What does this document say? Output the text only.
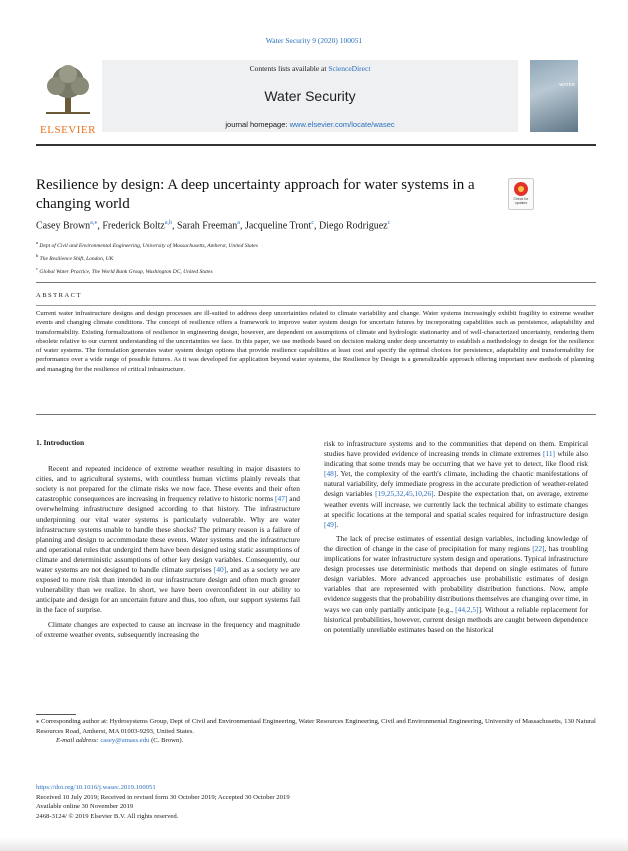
Water Security 9 (2020) 100051
ELSEVIER
Contents lists available at ScienceDirect
Water Security
journal homepage: www.elsevier.com/locate/wasec
WATER
Resilience by design: A deep uncertainty approach for water systems in a changing world	Check for updates
Casey Brown$^{a,⁎}$, Frederick Boltz$^{a,b}$, Sarah Freeman$^a$, Jacqueline Tront$^c$, Diego Rodriguez$^c$
$^a$ Dept of Civil and Environmental Engineering, University of Massachusetts, Amherst, United States
$^b$ The Resilience Shift, London, UK
$^c$ Global Water Practice, The World Bank Group, Washington DC, United States
ABSTRACT
Current water infrastructure designs and design processes are ill-suited to address deep uncertainties related to climate variability and change. Water systems increasingly exhibit fragility to extreme weather events and changing climate conditions. The concept of resilience offers a framework to improve water system design for uncertain futures by incorporating capabilities such as persistence, adaptability and transformability. Existing formalizations of resilience in engineering design, however, are dependent on assumptions of climate and hydrologic stationarity and of well-characterized uncertainty, rendering them obsolete relative to our current understanding of the uncertainties we face. In this paper, we use methods based on decision making under deep uncertainty to establish a methodology to design for the resilience of water systems. The formulation generates water system design options that provide resilience capabilities at least cost and specify the optimal choices for persistence, adaptability and transformability for performance over a wide range of possible futures. As it was developed for application beyond water systems, the Resilience by Design is a generalizable approach offering important new methods of planning and managing for the resilience of critical infrastructure.

1. Introduction

Recent and repeated incidence of extreme weather resulting in major disasters to cities, and to agricultural systems, with countless human victims plainly reveals that society is not prepared for the climate risks we now face. These events and their often catastrophic consequences are increasing in frequency relative to historic norms [47] and overwhelming infrastructure designed according to that history. The infrastructure underpinning our vital water systems is particularly vulnerable. Why are water infrastructure systems unable to handle these shocks? The primary reason is a failure of planning and design to accommodate these events. Water systems and the infrastructure and operational rules that undergird them have been designed using static assumptions of climate and deterministic assumptions of other key design variables. Consequently, our water systems are not designed to handle climate surprises [40], and as a society we are exposed to more risk than intended in our infrastructure design and often much greater vulnerability than we realize. In short, we have been overconfident in our ability to anticipate and design for an uncertain future and thus, too often, our support systems fail in the face of surprise.

Climate changes are expected to cause an increase in the frequency and magnitude of extreme weather events, subsequently increasing the

risk to infrastructure systems and to the communities that depend on them. Empirical studies have provided evidence of increasing trends in climate extremes [11] while also indicating that some trends may be occurring that we have yet to detect, like flood risk [48]. Yet, the complexity of the earth's climate, including the chaotic manifestations of natural variability, defy immediate progress in the accurate prediction of weather-related design variables [19,25,32,45,10,26]. Despite the expectation that, on average, extreme weather events will increase, we currently lack the technical ability to estimate changes at specific locations at the temporal and spatial scales required for infrastructure design [49].

The lack of precise estimates of essential design variables, including knowledge of the direction of change in the case of precipitation for many regions [22], has troubling implications for water infrastructure system design and operations. Typical infrastructure design processes use deterministic methods that depend on single estimates of future design variables. More advanced approaches use probabilistic estimates of design variables that are represented with probability distribution functions. Now, ample evidence suggests that the probability distributions themselves are changing over time, in ways we can only partially anticipate [e.g., [44,2,5]]. Without a reliable replacement for historical probabilities, however, current design methods are caught between dependence on potentially unreliable estimates based on the historical

⁎ Corresponding author at: Hydrosystems Group, Dept of Civil and Environmentaal Engineering, Water Resources Engineering, Civil and Environmental Engineering, University of Massachusetts, 130 Natural Resources Road, Amherst, MA 01003-9293, United States.
E-mail address: casey@umass.edu (C. Brown).
https://doi.org/10.1016/j.wasec.2019.100051
Received 10 July 2019; Received in revised form 30 October 2019; Accepted 30 October 2019
Available online 30 November 2019
2468-3124/ © 2019 Elsevier B.V. All rights reserved.
